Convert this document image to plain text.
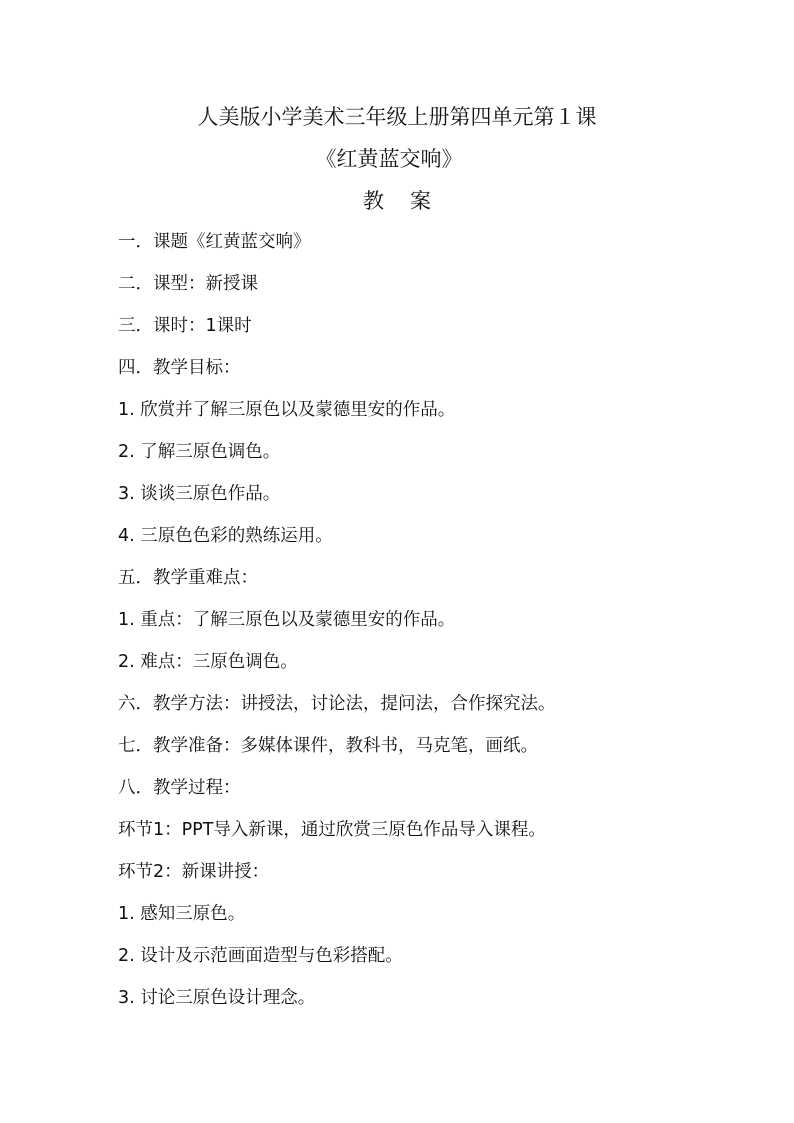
人美版小学美术三年级上册第四单元第１课
《红黄蓝交响》
教案
一．课题《红黄蓝交响》
二．课型：新授课
三．课时：1课时
四．教学目标：
1. 欣赏并了解三原色以及蒙德里安的作品。
2. 了解三原色调色。
3. 谈谈三原色作品。
4. 三原色色彩的熟练运用。
五．教学重难点：
1. 重点：了解三原色以及蒙德里安的作品。
2. 难点：三原色调色。
六．教学方法：讲授法，讨论法，提问法，合作探究法。
七．教学准备：多媒体课件，教科书，马克笔，画纸。
八．教学过程：
环节1：PPT导入新课，通过欣赏三原色作品导入课程。
环节2：新课讲授：
1. 感知三原色。
2. 设计及示范画面造型与色彩搭配。
3. 讨论三原色设计理念。
